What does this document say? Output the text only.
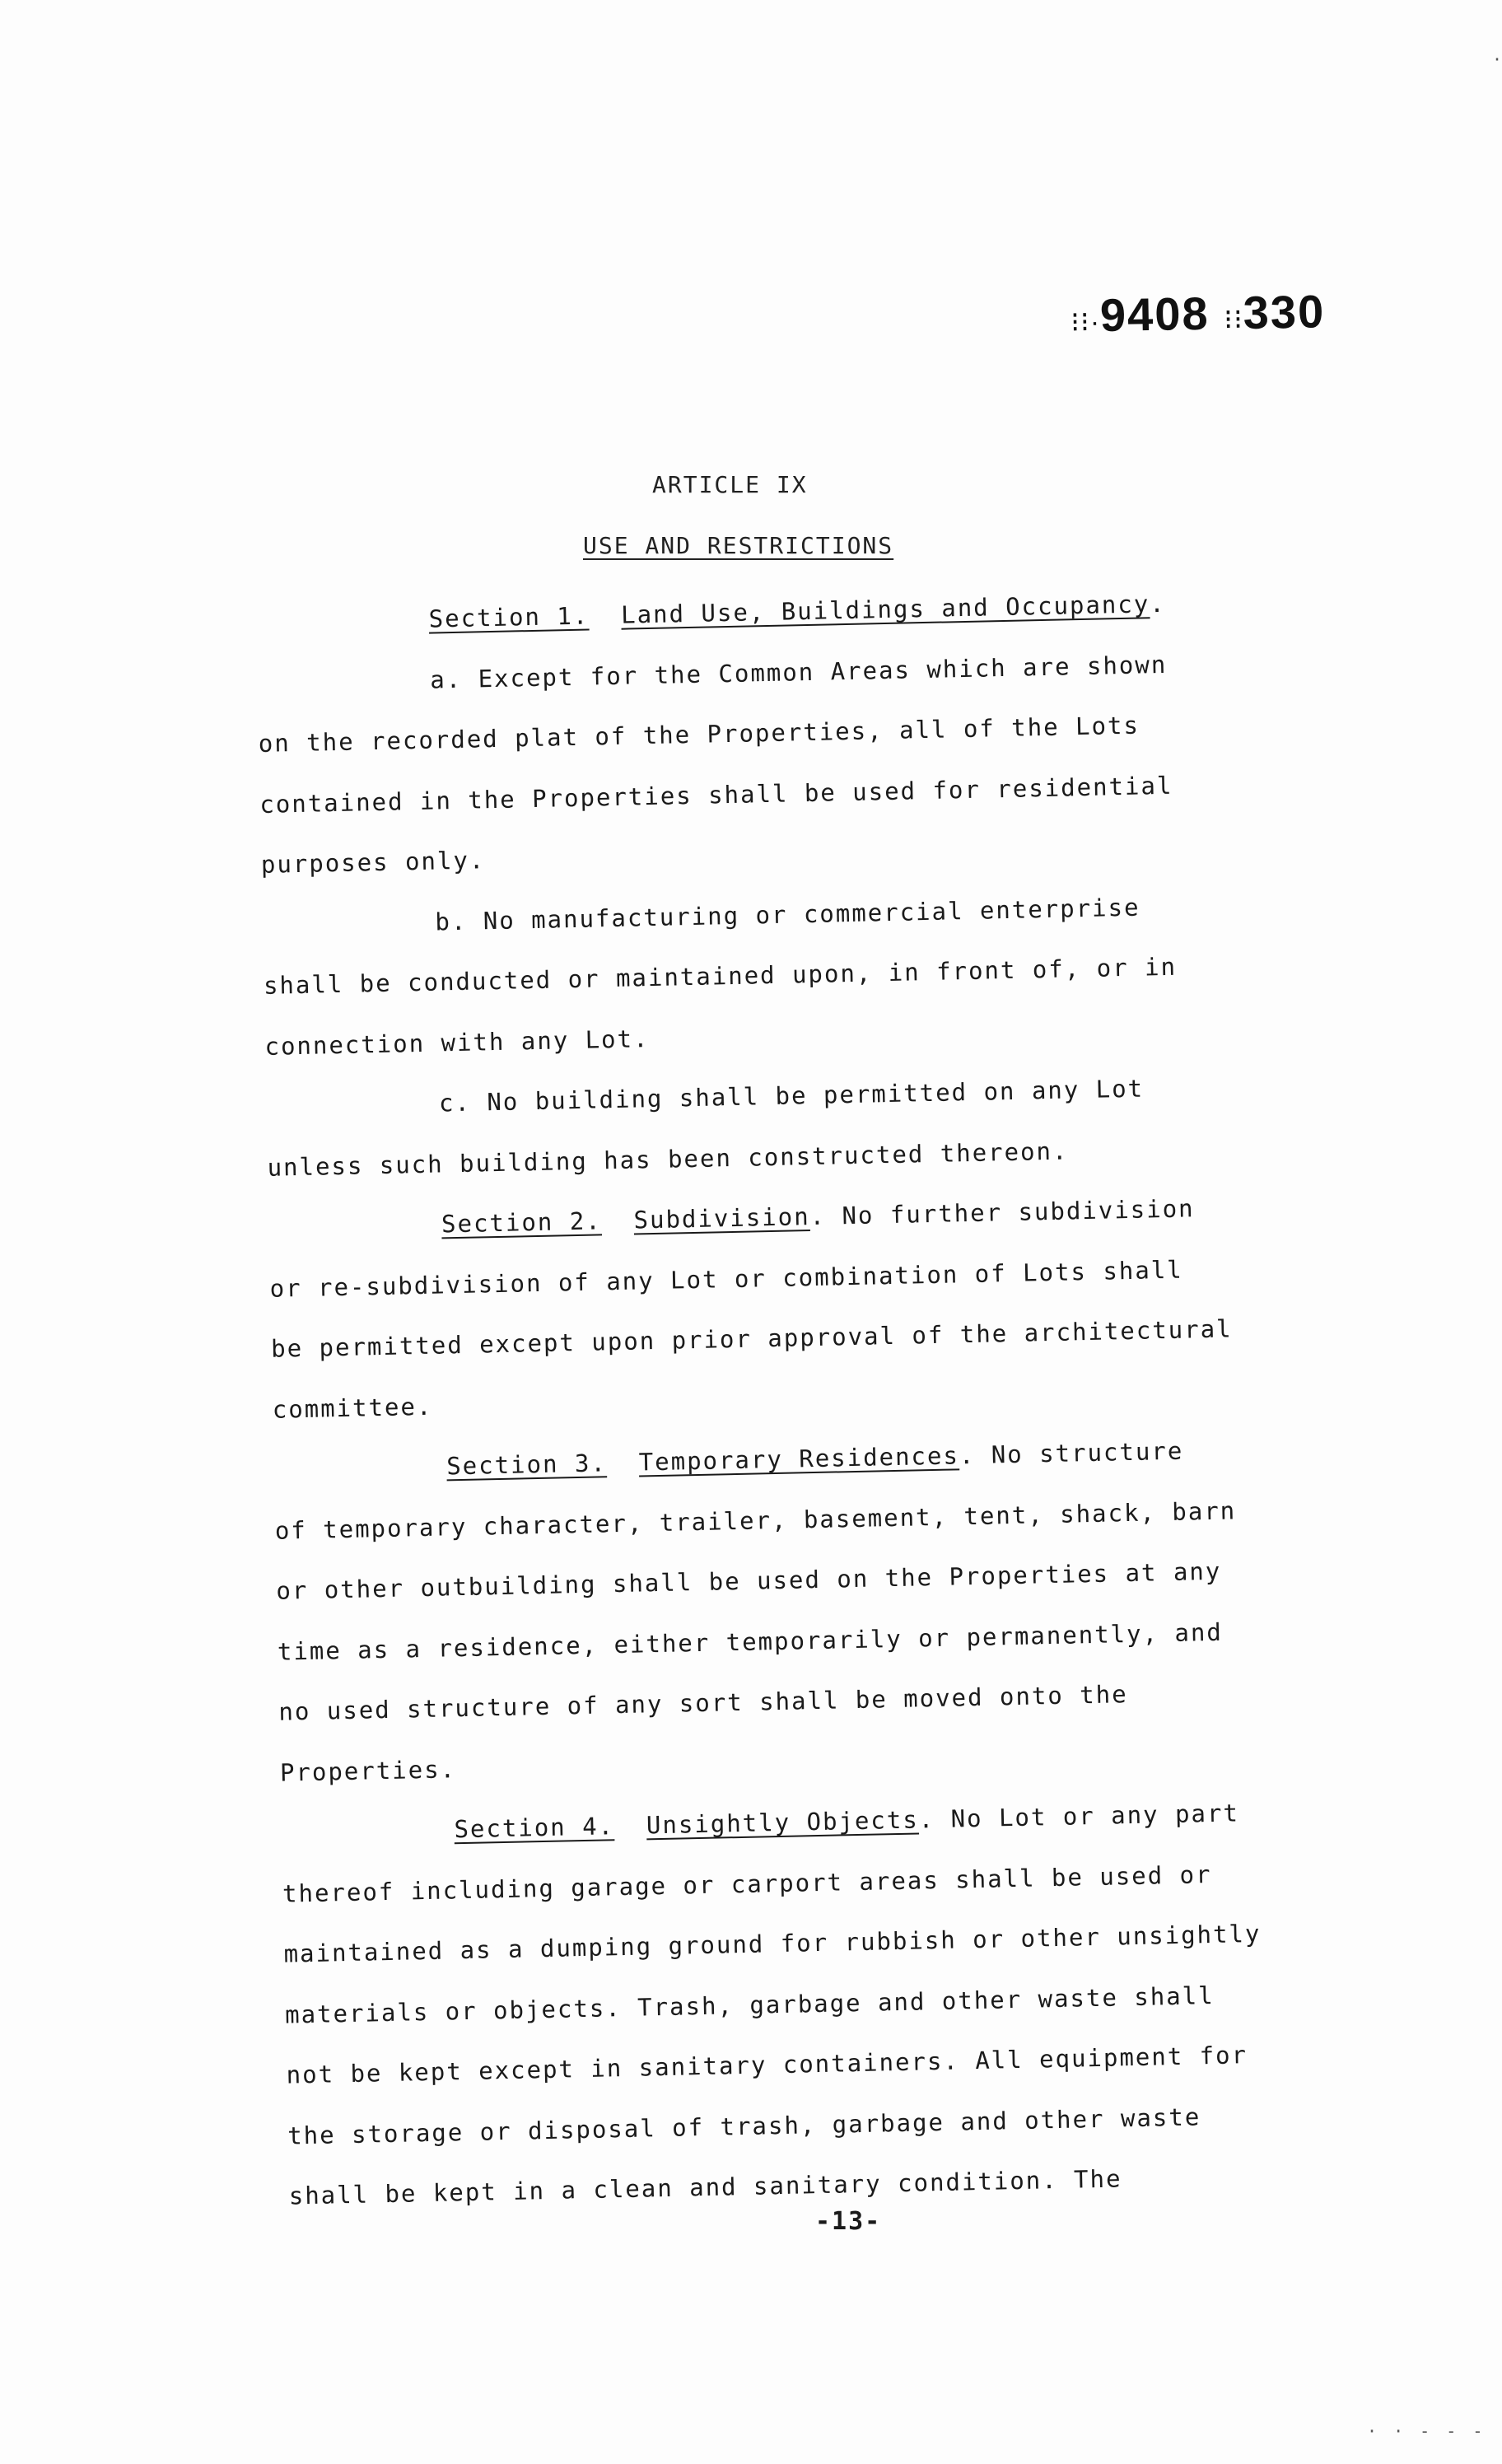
⁝⁝·9408 ⁝⁝330
ARTICLE IX
USE AND RESTRICTIONS
Section 1. Land Use, Buildings and Occupancy.
a. Except for the Common Areas which are shown
on the recorded plat of the Properties, all of the Lots
contained in the Properties shall be used for residential
purposes only.
b. No manufacturing or commercial enterprise
shall be conducted or maintained upon, in front of, or in
connection with any Lot.
c. No building shall be permitted on any Lot
unless such building has been constructed thereon.
Section 2. Subdivision. No further subdivision
or re-subdivision of any Lot or combination of Lots shall
be permitted except upon prior approval of the architectural
committee.
Section 3. Temporary Residences. No structure
of temporary character, trailer, basement, tent, shack, barn
or other outbuilding shall be used on the Properties at any
time as a residence, either temporarily or permanently, and
no used structure of any sort shall be moved onto the
Properties.
Section 4. Unsightly Objects. No Lot or any part
thereof including garage or carport areas shall be used or
maintained as a dumping ground for rubbish or other unsightly
materials or objects. Trash, garbage and other waste shall
not be kept except in sanitary containers. All equipment for
the storage or disposal of trash, garbage and other waste
shall be kept in a clean and sanitary condition. The
-13-
·
· · ‐ ‐ ‐
